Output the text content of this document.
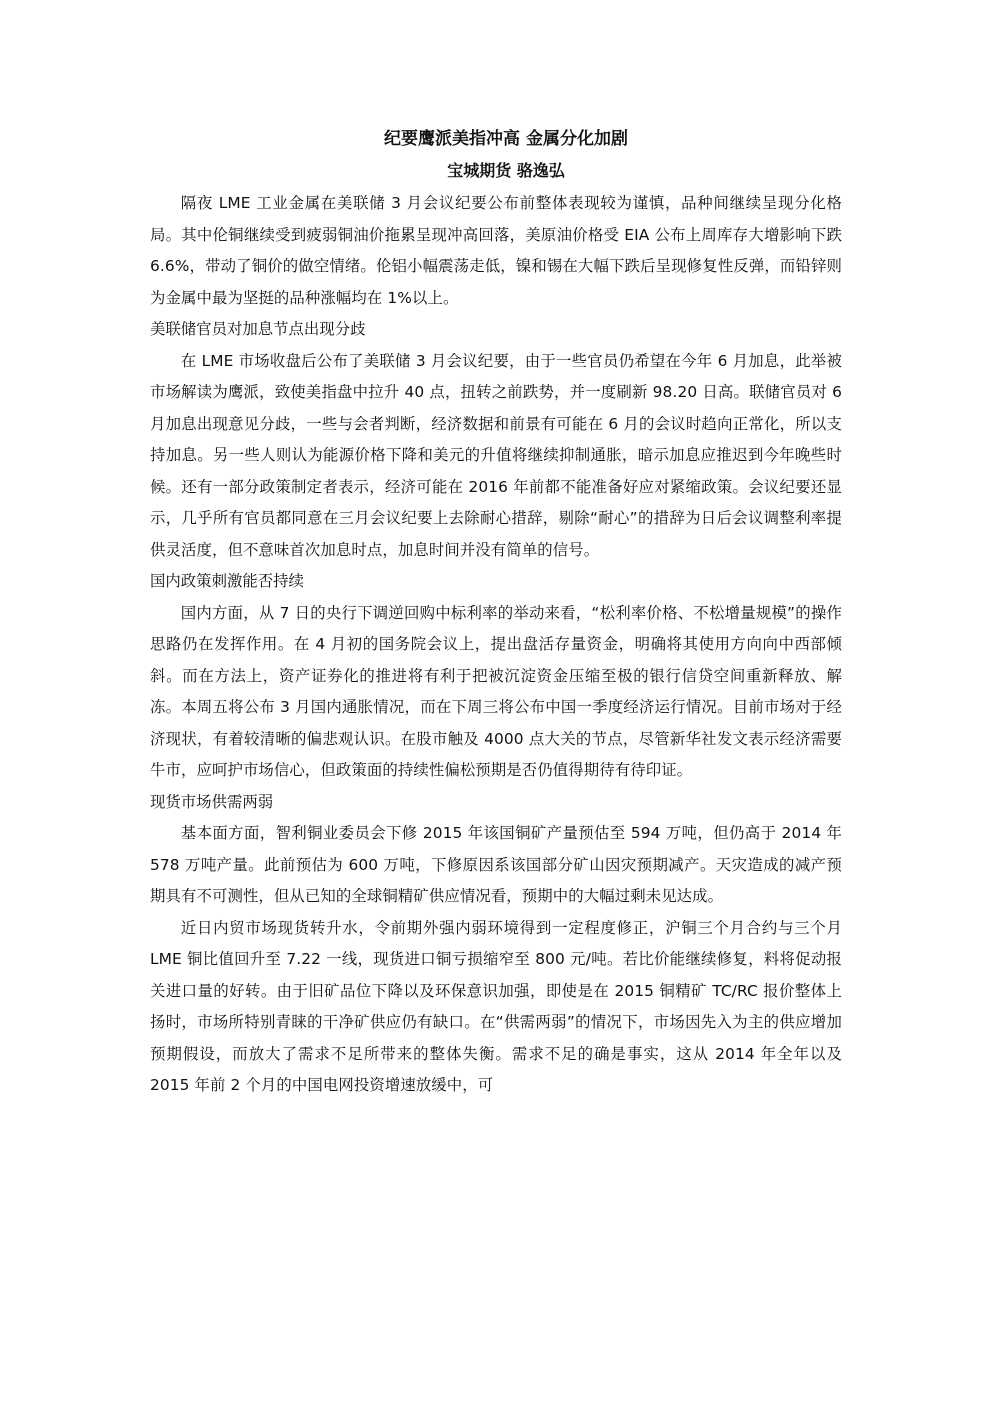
纪要鹰派美指冲高 金属分化加剧
宝城期货 骆逸弘

隔夜 LME 工业金属在美联储 3 月会议纪要公布前整体表现较为谨慎，品种间继续呈现分化格局。其中伦铜继续受到疲弱铜油价拖累呈现冲高回落，美原油价格受 EIA 公布上周库存大增影响下跌 6.6%，带动了铜价的做空情绪。伦铝小幅震荡走低，镍和锡在大幅下跌后呈现修复性反弹，而铅锌则为金属中最为坚挺的品种涨幅均在 1%以上。

美联储官员对加息节点出现分歧

在 LME 市场收盘后公布了美联储 3 月会议纪要，由于一些官员仍希望在今年 6 月加息，此举被市场解读为鹰派，致使美指盘中拉升 40 点，扭转之前跌势，并一度刷新 98.20 日高。联储官员对 6 月加息出现意见分歧，一些与会者判断，经济数据和前景有可能在 6 月的会议时趋向正常化，所以支持加息。另一些人则认为能源价格下降和美元的升值将继续抑制通胀，暗示加息应推迟到今年晚些时候。还有一部分政策制定者表示，经济可能在 2016 年前都不能准备好应对紧缩政策。会议纪要还显示，几乎所有官员都同意在三月会议纪要上去除耐心措辞，剔除“耐心”的措辞为日后会议调整利率提供灵活度，但不意味首次加息时点，加息时间并没有简单的信号。

国内政策刺激能否持续

国内方面，从 7 日的央行下调逆回购中标利率的举动来看，“松利率价格、不松增量规模”的操作思路仍在发挥作用。在 4 月初的国务院会议上，提出盘活存量资金，明确将其使用方向向中西部倾斜。而在方法上，资产证券化的推进将有利于把被沉淀资金压缩至极的银行信贷空间重新释放、解冻。本周五将公布 3 月国内通胀情况，而在下周三将公布中国一季度经济运行情况。目前市场对于经济现状，有着较清晰的偏悲观认识。在股市触及 4000 点大关的节点，尽管新华社发文表示经济需要牛市，应呵护市场信心，但政策面的持续性偏松预期是否仍值得期待有待印证。

现货市场供需两弱

基本面方面，智利铜业委员会下修 2015 年该国铜矿产量预估至 594 万吨，但仍高于 2014 年 578 万吨产量。此前预估为 600 万吨，下修原因系该国部分矿山因灾预期减产。天灾造成的减产预期具有不可测性，但从已知的全球铜精矿供应情况看，预期中的大幅过剩未见达成。

近日内贸市场现货转升水，令前期外强内弱环境得到一定程度修正，沪铜三个月合约与三个月 LME 铜比值回升至 7.22 一线，现货进口铜亏损缩窄至 800 元/吨。若比价能继续修复，料将促动报关进口量的好转。由于旧矿品位下降以及环保意识加强，即使是在 2015 铜精矿 TC/RC 报价整体上扬时，市场所特别青睐的干净矿供应仍有缺口。在“供需两弱”的情况下，市场因先入为主的供应增加预期假设，而放大了需求不足所带来的整体失衡。需求不足的确是事实，这从 2014 年全年以及 2015 年前 2 个月的中国电网投资增速放缓中，可
